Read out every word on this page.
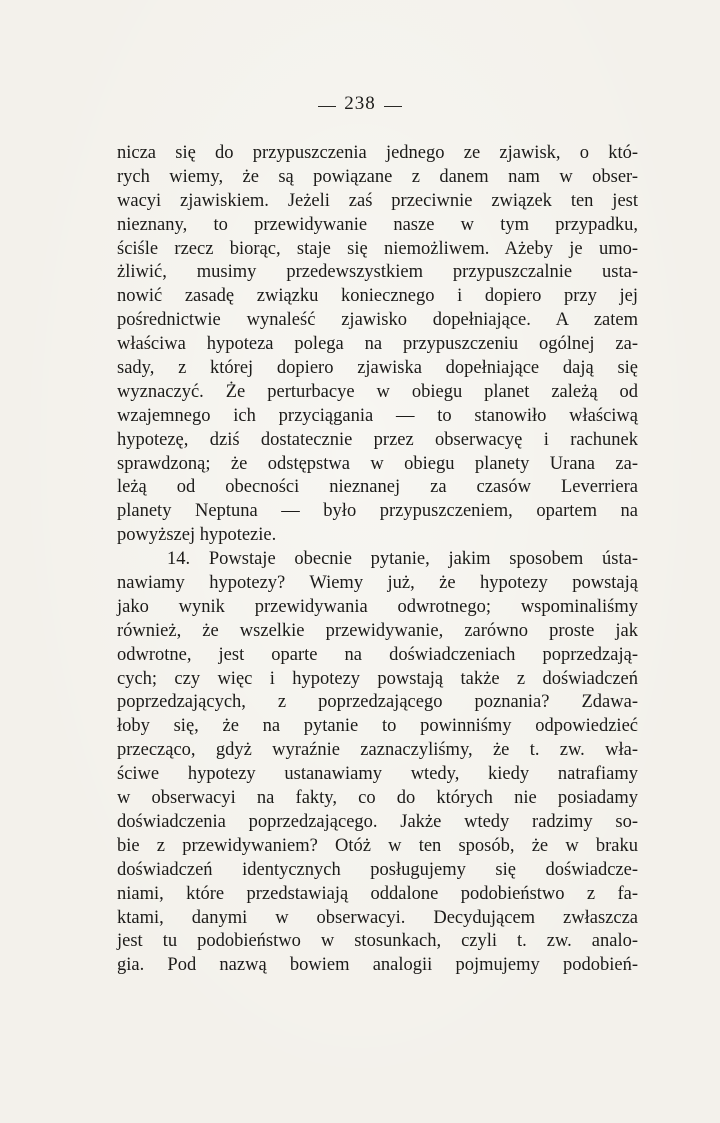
238
nicza się do przypuszczenia jednego ze zjawisk, o któ-
rych wiemy, że są powiązane z danem nam w obser-
wacyi zjawiskiem. Jeżeli zaś przeciwnie związek ten jest
nieznany, to przewidywanie nasze w tym przypadku,
ściśle rzecz biorąc, staje się niemożliwem. Ażeby je umo-
żliwić, musimy przedewszystkiem przypuszczalnie usta-
nowić zasadę związku koniecznego i dopiero przy jej
pośrednictwie wynaleść zjawisko dopełniające. A zatem
właściwa hypoteza polega na przypuszczeniu ogólnej za-
sady, z której dopiero zjawiska dopełniające dają się
wyznaczyć. Że perturbacye w obiegu planet zależą od
wzajemnego ich przyciągania — to stanowiło właściwą
hypotezę, dziś dostatecznie przez obserwacyę i rachunek
sprawdzoną; że odstępstwa w obiegu planety Urana za-
leżą od obecności nieznanej za czasów Leverriera
planety Neptuna — było przypuszczeniem, opartem na
powyższej hypotezie.
14. Powstaje obecnie pytanie, jakim sposobem ústa-
nawiamy hypotezy? Wiemy już, że hypotezy powstają
jako wynik przewidywania odwrotnego; wspominaliśmy
również, że wszelkie przewidywanie, zarówno proste jak
odwrotne, jest oparte na doświadczeniach poprzedzają-
cych; czy więc i hypotezy powstają także z doświadczeń
poprzedzających, z poprzedzającego poznania? Zdawa-
łoby się, że na pytanie to powinniśmy odpowiedzieć
przecząco, gdyż wyraźnie zaznaczyliśmy, że t. zw. wła-
ściwe hypotezy ustanawiamy wtedy, kiedy natrafiamy
w obserwacyi na fakty, co do których nie posiadamy
doświadczenia poprzedzającego. Jakże wtedy radzimy so-
bie z przewidywaniem? Otóż w ten sposób, że w braku
doświadczeń identycznych posługujemy się doświadcze-
niami, które przedstawiają oddalone podobieństwo z fa-
ktami, danymi w obserwacyi. Decydującem zwłaszcza
jest tu podobieństwo w stosunkach, czyli t. zw. analo-
gia. Pod nazwą bowiem analogii pojmujemy podobień-
